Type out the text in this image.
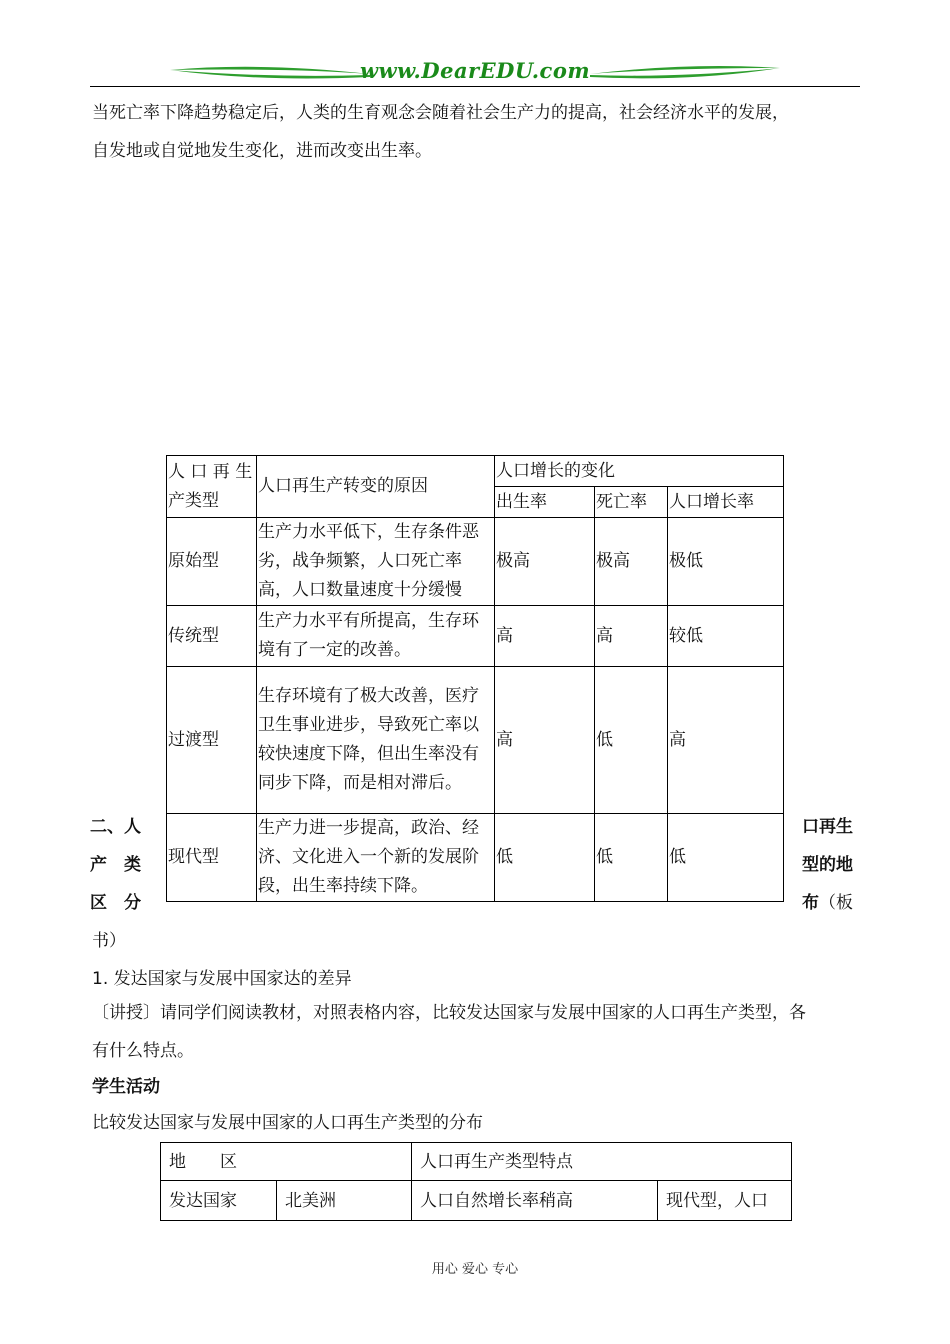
www.DearEDU.com
当死亡率下降趋势稳定后，人类的生育观念会随着社会生产力的提高，社会经济水平的发展，
自发地或自觉地发生变化，进而改变出生率。
人 口 再 生 产类型	人口再生产转变的原因	人口增长的变化		
		出生率	死亡率	人口增长率
原始型	生产力水平低下，生存条件恶劣，战争频繁，人口死亡率高，人口数量速度十分缓慢	极高	极高	极低
传统型	生产力水平有所提高，生存环境有了一定的改善。	高	高	较低
过渡型	生存环境有了极大改善，医疗卫生事业进步，导致死亡率以较快速度下降，但出生率没有同步下降，而是相对滞后。	高	低	高
现代型	生产力进一步提高，政治、经济、文化进入一个新的发展阶段，出生率持续下降。	低	低	低
二、人
产　类
区　分
口再生
型的地
布（板
书）
1. 发达国家与发展中国家达的差异
〔讲授〕请同学们阅读教材，对照表格内容，比较发达国家与发展中国家的人口再生产类型，各
有什么特点。
学生活动
比较发达国家与发展中国家的人口再生产类型的分布
地　　区		人口再生产类型特点	
发达国家	北美洲	人口自然增长率稍高	现代型，人口
用心 爱心 专心
